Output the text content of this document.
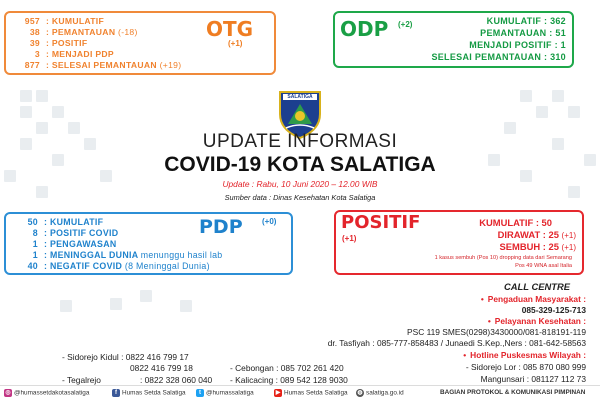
957 : KUMULATIF
38 : PEMANTAUAN (-18)
39 : POSITIF
3 : MENJADI PDP
877 : SELESAI PEMANTAUAN (+19)
OTG
(+1)
ODP (+2)	KUMULATIF : 362
PEMANTAUAN : 51
MENJADI POSITIF : 1
SELESAI PEMANTAUAN : 310
SALATIGA
UPDATE INFORMASI
COVID-19 KOTA SALATIGA
Update : Rabu, 10 Juni 2020 – 12.00 WIB
Sumber data : Dinas Kesehatan Kota Salatiga
50 : KUMULATIF
8 : POSITIF COVID
1 : PENGAWASAN
1 : MENINGGAL DUNIA menunggu hasil lab
40 : NEGATIF COVID (8 Meninggal Dunia)
PDP (+0)	POSITIF
(+1)
KUMULATIF : 50
DIRAWAT : 25 (+1)
SEMBUH : 25 (+1)
1 kasus sembuh (Pos 10) dropping data dari Semarang
Pos 49 WNA asal Italia
CALL CENTRE
• Pengaduan Masyarakat :
085-329-125-713
• Pelayanan Kesehatan :
PSC 119 SMES(0298)3430000/081-818191-119
dr. Tasfiyah : 085-777-858483 / Junaedi S.Kep.,Ners : 081-642-58563
• Hotline Puskesmas Wilayah :
- Sidorejo Kidul : 0822 416 799 17
0822 416 799 18
- Tegalrejo	: 0822 328 060 040
- Cebongan : 085 702 261 420
- Kalicacing : 089 542 128 9030
- Sidorejo Lor : 085 870 080 999
Mangunsari : 081127 112 73
◎ @humassetdakotasalatiga	f Humas Setda Salatiga	t @humassalatiga	▶ Humas Setda Salatiga ◍ salatiga.go.id	BAGIAN PROTOKOL & KOMUNIKASI PIMPINAN
